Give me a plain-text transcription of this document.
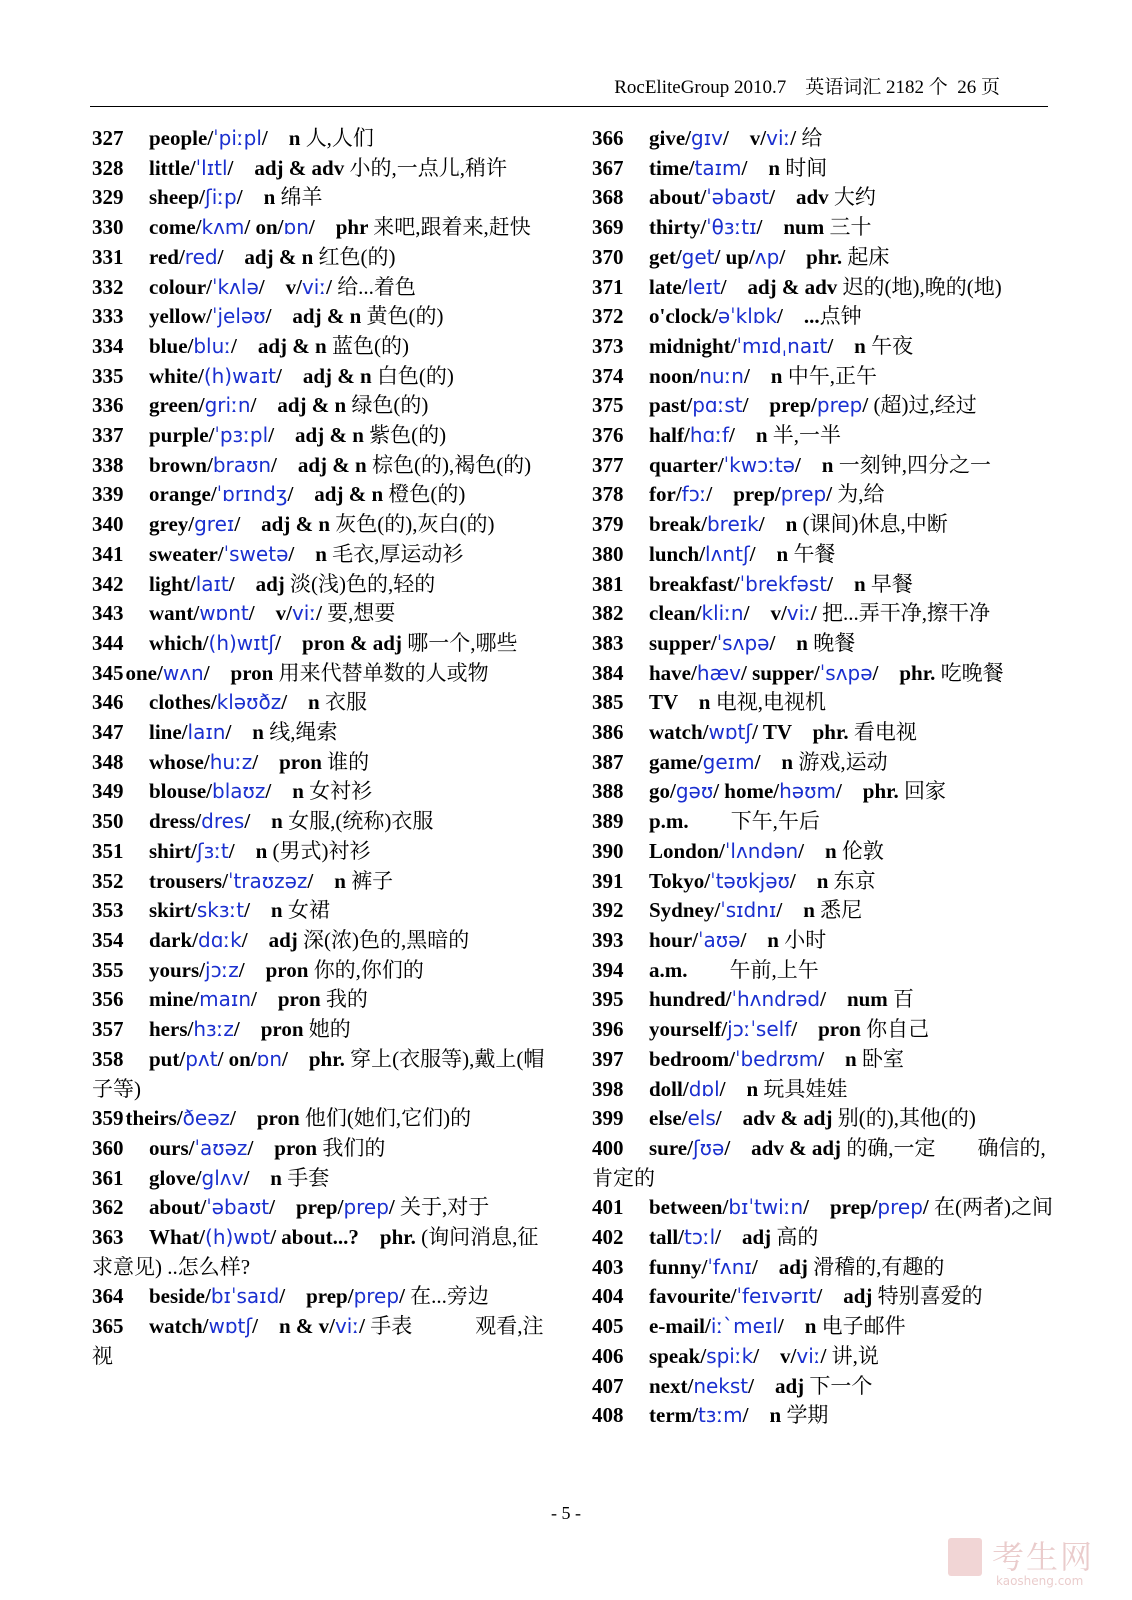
RocEliteGroup 2010.7    英语词汇 2182 个  26 页
327 people/ˈpiːpl/    n 人,人们
328 little/ˈlɪtl/    adj & adv 小的,一点儿,稍许
329 sheep/ʃiːp/    n 绵羊
330 come/kʌm/ on/ɒn/    phr 来吧,跟着来,赶快
331 red/red/    adj & n 红色(的)
332 colour/ˈkʌlə/    v/viː/ 给...着色
333 yellow/ˈjeləʊ/    adj & n 黄色(的)
334 blue/bluː/    adj & n 蓝色(的)
335 white/(h)waɪt/    adj & n 白色(的)
336 green/griːn/    adj & n 绿色(的)
337 purple/ˈpɜːpl/    adj & n 紫色(的)
338 brown/braʊn/    adj & n 棕色(的),褐色(的)
339 orange/ˈɒrɪndʒ/    adj & n 橙色(的)
340 grey/greɪ/    adj & n 灰色(的),灰白(的)
341 sweater/ˈswetə/    n 毛衣,厚运动衫
342 light/laɪt/    adj 淡(浅)色的,轻的
343 want/wɒnt/    v/viː/ 要,想要
344 which/(h)wɪtʃ/    pron & adj 哪一个,哪些
345one/wʌn/    pron 用来代替单数的人或物
346 clothes/kləʊðz/    n 衣服
347 line/laɪn/    n 线,绳索
348 whose/huːz/    pron 谁的
349 blouse/blaʊz/    n 女衬衫
350 dress/dres/    n 女服,(统称)衣服
351 shirt/ʃɜːt/    n (男式)衬衫
352 trousers/ˈtraʊzəz/    n 裤子
353 skirt/skɜːt/    n 女裙
354 dark/dɑːk/    adj 深(浓)色的,黑暗的
355 yours/jɔːz/    pron 你的,你们的
356 mine/maɪn/    pron 我的
357 hers/hɜːz/    pron 她的
358 put/pʌt/ on/ɒn/    phr. 穿上(衣服等),戴上(帽子等)
359theirs/ðeəz/    pron 他们(她们,它们)的
360 ours/ˈaʊəz/    pron 我们的
361 glove/glʌv/    n 手套
362 about/ˈəbaʊt/    prep/prep/ 关于,对于
363 What/(h)wɒt/ about...?    phr. (询问消息,征求意见) ..怎么样?
364 beside/bɪˈsaɪd/    prep/prep/ 在...旁边
365 watch/wɒtʃ/    n & v/viː/ 手表            观看,注视
366 give/gɪv/    v/viː/ 给
367 time/taɪm/    n 时间
368 about/ˈəbaʊt/    adv 大约
369 thirty/ˈθɜːtɪ/    num 三十
370 get/get/ up/ʌp/    phr. 起床
371 late/leɪt/    adj & adv 迟的(地),晚的(地)
372 o'clock/əˈklɒk/    ...点钟
373 midnight/ˈmɪdˌnaɪt/    n 午夜
374 noon/nuːn/    n 中午,正午
375 past/pɑːst/    prep/prep/ (超)过,经过
376 half/hɑːf/    n 半,一半
377 quarter/ˈkwɔːtə/    n 一刻钟,四分之一
378 for/fɔː/    prep/prep/ 为,给
379 break/breɪk/    n (课间)休息,中断
380 lunch/lʌntʃ/    n 午餐
381 breakfast/ˈbrekfəst/    n 早餐
382 clean/kliːn/    v/viː/ 把...弄干净,擦干净
383 supper/ˈsʌpə/    n 晚餐
384 have/hæv/ supper/ˈsʌpə/    phr. 吃晚餐
385 TV    n 电视,电视机
386 watch/wɒtʃ/ TV    phr. 看电视
387 game/geɪm/    n 游戏,运动
388 go/gəʊ/ home/həʊm/    phr. 回家
389 p.m.        下午,午后
390 London/ˈlʌndən/    n 伦敦
391 Tokyo/ˈtəʊkjəʊ/    n 东京
392 Sydney/ˈsɪdnɪ/    n 悉尼
393 hour/ˈaʊə/    n 小时
394 a.m.        午前,上午
395 hundred/ˈhʌndrəd/    num 百
396 yourself/jɔːˈself/    pron 你自己
397 bedroom/ˈbedrʊm/    n 卧室
398 doll/dɒl/    n 玩具娃娃
399 else/els/    adv & adj 别(的),其他(的)
400 sure/ʃʊə/    adv & adj 的确,一定        确信的,肯定的
401 between/bɪˈtwiːn/    prep/prep/ 在(两者)之间
402 tall/tɔːl/    adj 高的
403 funny/ˈfʌnɪ/    adj 滑稽的,有趣的
404 favourite/ˈfeɪvərɪt/    adj 特别喜爱的
405 e-mail/iːˋmeɪl/    n 电子邮件
406 speak/spiːk/    v/viː/ 讲,说
407 next/nekst/    adj 下一个
408 term/tɜːm/    n 学期
- 5 -
考生网
kaosheng.com
